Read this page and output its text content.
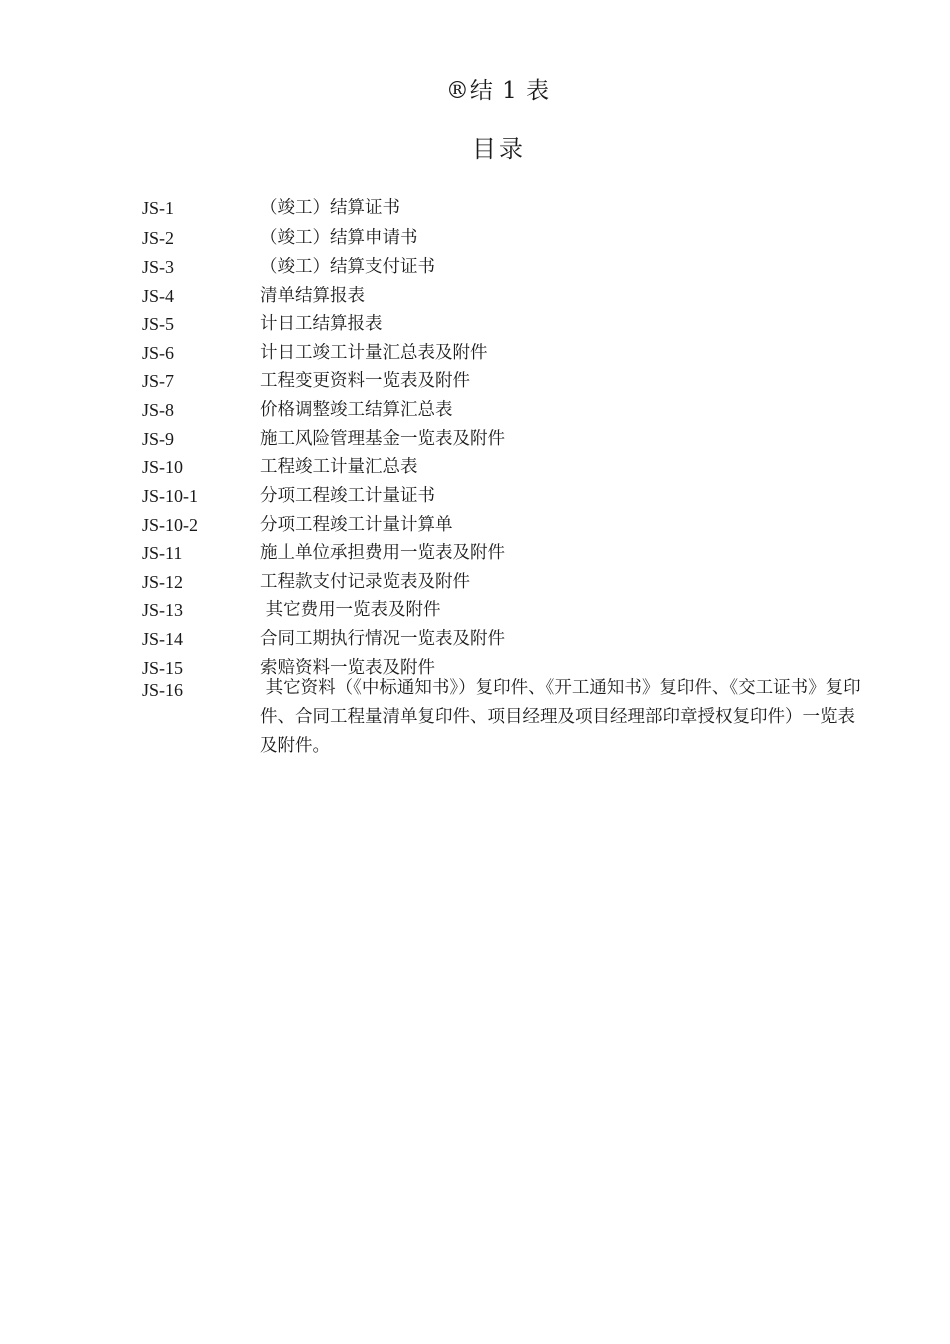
®结 1 表
目录
JS-1	（竣工）结算证书
JS-2	（竣工）结算申请书
JS-3	（竣工）结算支付证书
JS-4	清单结算报表
JS-5	计日工结算报表
JS-6	计日工竣工计量汇总表及附件
JS-7	工程变更资料一览表及附件
JS-8	价格调整竣工结算汇总表
JS-9	施工风险管理基金一览表及附件
JS-10	工程竣工计量汇总表
JS-10-1	分项工程竣工计量证书
JS-10-2	分项工程竣工计量计算单
JS-11	施丄单位承担费用一览表及附件
JS-12	工程款支付记录览表及附件
JS-13	其它费用一览表及附件
JS-14	合同工期执行情况一览表及附件
JS-15	索赔资料一览表及附件
JS-16	其它资料（《中标通知书》）复印件、《开工通知书》复印件、《交工证书》复印件、合同工程量清单复印件、项目经理及项目经理部印章授权复印件）一览表及附件。
